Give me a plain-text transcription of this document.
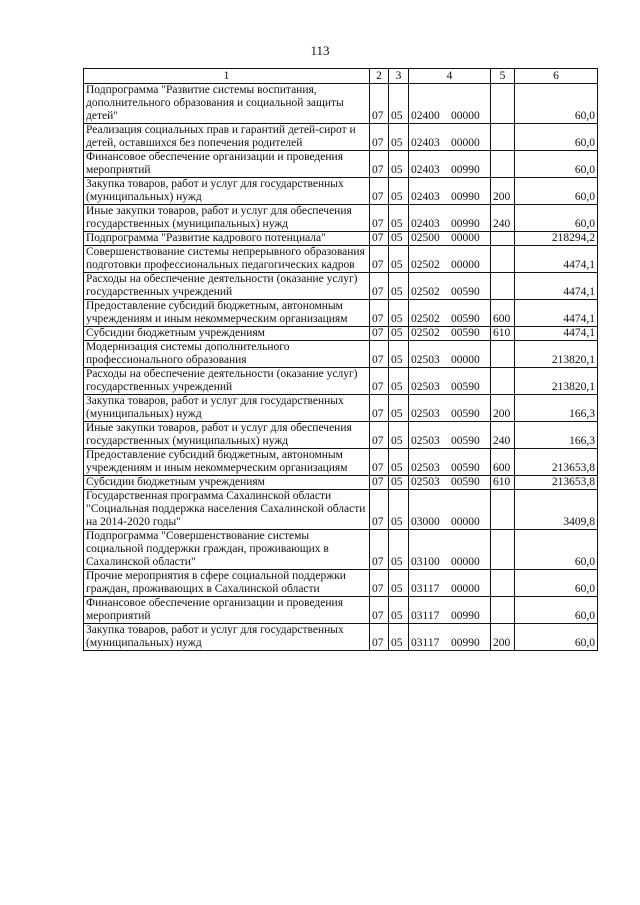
113
1	2	3	4	5	6
Подпрограмма "Развитие системы воспитания, дополнительного образования и социальной защиты детей"	07	05	02400 00000		60,0
Реализация социальных прав и гарантий детей-сирот и детей, оставшихся без попечения родителей	07	05	02403 00000		60,0
Финансовое обеспечение организации и проведения мероприятий	07	05	02403 00990		60,0
Закупка товаров, работ и услуг для государственных (муниципальных) нужд	07	05	02403 00990	200	60,0
Иные закупки товаров, работ и услуг для обеспечения государственных (муниципальных) нужд	07	05	02403 00990	240	60,0
Подпрограмма "Развитие кадрового потенциала"	07	05	02500 00000		218294,2
Совершенствование системы непрерывного образования подготовки профессиональных педагогических кадров	07	05	02502 00000		4474,1
Расходы на обеспечение деятельности (оказание услуг) государственных учреждений	07	05	02502 00590		4474,1
Предоставление субсидий бюджетным, автономным учреждениям и иным некоммерческим организациям	07	05	02502 00590	600	4474,1
Субсидии бюджетным учреждениям	07	05	02502 00590	610	4474,1
Модернизация системы дополнительного профессионального образования	07	05	02503 00000		213820,1
Расходы на обеспечение деятельности (оказание услуг) государственных учреждений	07	05	02503 00590		213820,1
Закупка товаров, работ и услуг для государственных (муниципальных) нужд	07	05	02503 00590	200	166,3
Иные закупки товаров, работ и услуг для обеспечения государственных (муниципальных) нужд	07	05	02503 00590	240	166,3
Предоставление субсидий бюджетным, автономным учреждениям и иным некоммерческим организациям	07	05	02503 00590	600	213653,8
Субсидии бюджетным учреждениям	07	05	02503 00590	610	213653,8
Государственная программа Сахалинской области "Социальная поддержка населения Сахалинской области на 2014-2020 годы"	07	05	03000 00000		3409,8
Подпрограмма "Совершенствование системы социальной поддержки граждан, проживающих в Сахалинской области"	07	05	03100 00000		60,0
Прочие мероприятия в сфере социальной поддержки граждан, проживающих в Сахалинской области	07	05	03117 00000		60,0
Финансовое обеспечение организации и проведения мероприятий	07	05	03117 00990		60,0
Закупка товаров, работ и услуг для государственных (муниципальных) нужд	07	05	03117 00990	200	60,0
